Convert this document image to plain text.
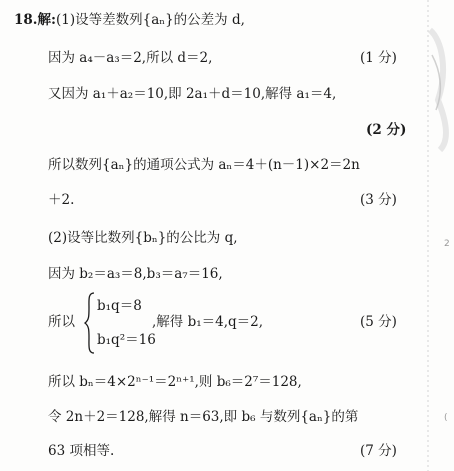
18.解:(1)设等差数列{aₙ}的公差为 d,
因为 a₄－a₃＝2,所以 d＝2,	(1 分)
又因为 a₁＋a₂＝10,即 2a₁＋d＝10,解得 a₁＝4,
(2 分)
所以数列{aₙ}的通项公式为 aₙ＝4＋(n－1)×2＝2n
＋2.	(3 分)
(2)设等比数列{bₙ}的公比为 q,
因为 b₂＝a₃＝8,b₃＝a₇＝16,
所以
b₁q＝8
b₁q²＝16
,解得 b₁＝4,q＝2,	(5 分)
所以 bₙ＝4×2ⁿ⁻¹＝2ⁿ⁺¹,则 b₆＝2⁷＝128,
令 2n＋2＝128,解得 n＝63,即 b₆ 与数列{aₙ}的第
63 项相等.	(7 分)
2
(
